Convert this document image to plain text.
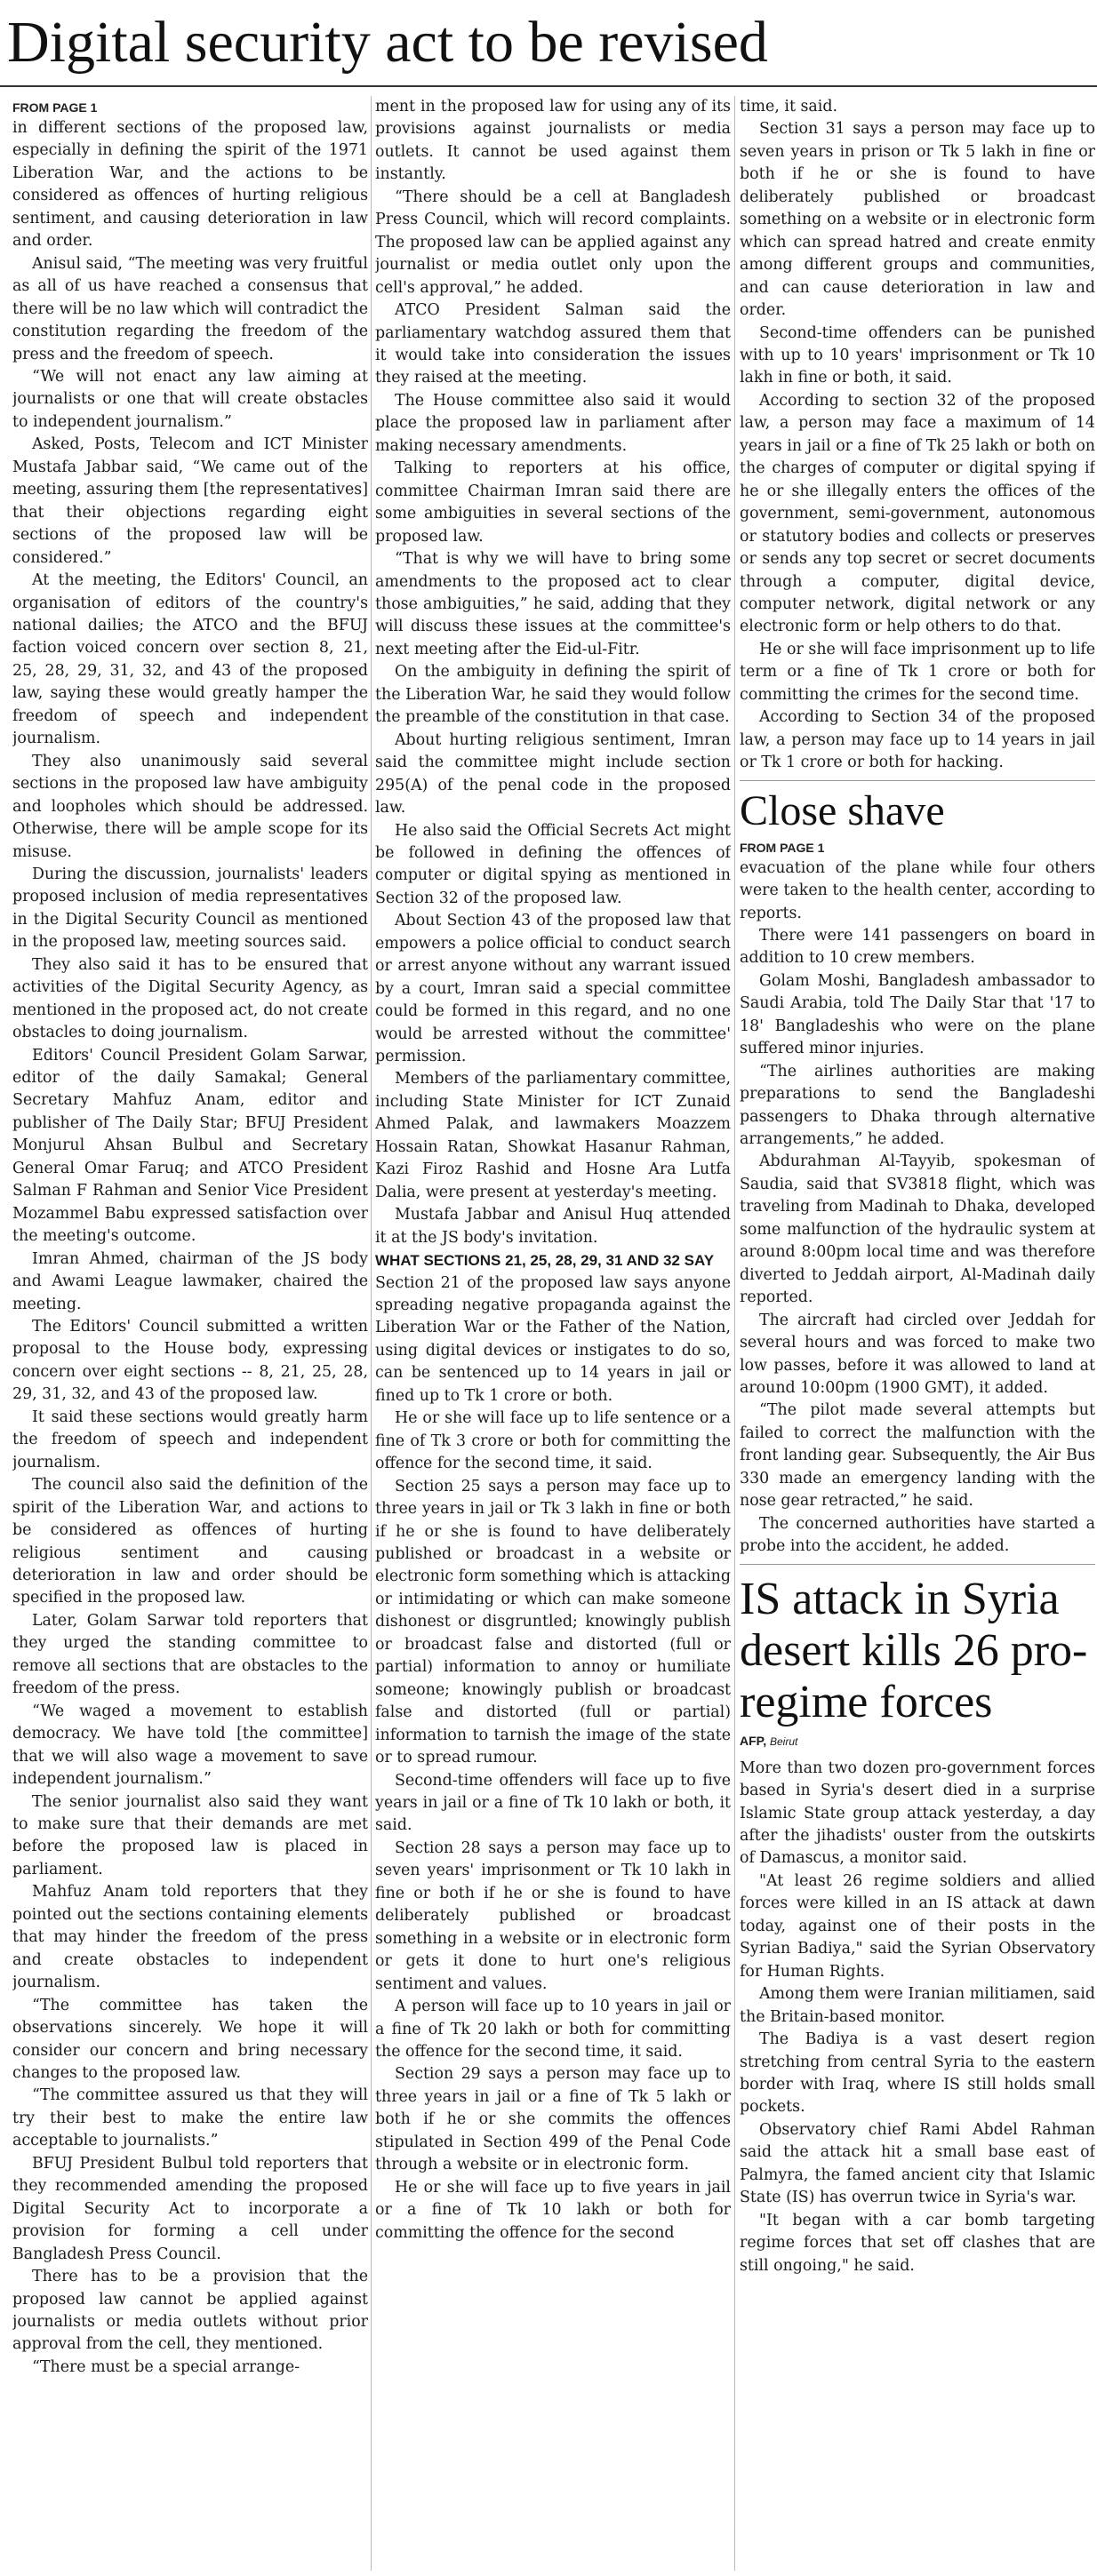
Digital security act to be revised
FROM PAGE 1

in different sections of the proposed law, especially in defining the spirit of the 1971 Liberation War, and the actions to be considered as offences of hurting religious sentiment, and causing deterioration in law and order.

Anisul said, “The meeting was very fruitful as all of us have reached a consensus that there will be no law which will contradict the constitution regarding the freedom of the press and the freedom of speech.

“We will not enact any law aiming at journalists or one that will create obstacles to independent journalism.”

Asked, Posts, Telecom and ICT Minister Mustafa Jabbar said, “We came out of the meeting, assuring them [the representatives] that their objections regarding eight sections of the proposed law will be considered.”

At the meeting, the Editors' Council, an organisation of editors of the country's national dailies; the ATCO and the BFUJ faction voiced concern over section 8, 21, 25, 28, 29, 31, 32, and 43 of the proposed law, saying these would greatly hamper the freedom of speech and independent journalism.

They also unanimously said several sections in the proposed law have ambiguity and loopholes which should be addressed. Otherwise, there will be ample scope for its misuse.

During the discussion, journalists' leaders proposed inclusion of media representatives in the Digital Security Council as mentioned in the proposed law, meeting sources said.

They also said it has to be ensured that activities of the Digital Security Agency, as mentioned in the proposed act, do not create obstacles to doing journalism.

Editors' Council President Golam Sarwar, editor of the daily Samakal; General Secretary Mahfuz Anam, editor and publisher of The Daily Star; BFUJ President Monjurul Ahsan Bulbul and Secretary General Omar Faruq; and ATCO President Salman F Rahman and Senior Vice President Mozammel Babu expressed satisfaction over the meeting's outcome.

Imran Ahmed, chairman of the JS body and Awami League lawmaker, chaired the meeting.

The Editors' Council submitted a written proposal to the House body, expressing concern over eight sections -- 8, 21, 25, 28, 29, 31, 32, and 43 of the proposed law.

It said these sections would greatly harm the freedom of speech and independent journalism.

The council also said the definition of the spirit of the Liberation War, and actions to be considered as offences of hurting religious sentiment and causing deterioration in law and order should be specified in the proposed law.

Later, Golam Sarwar told reporters that they urged the standing committee to remove all sections that are obstacles to the freedom of the press.

“We waged a movement to establish democracy. We have told [the committee] that we will also wage a movement to save independent journalism.”

The senior journalist also said they want to make sure that their demands are met before the proposed law is placed in parliament.

Mahfuz Anam told reporters that they pointed out the sections containing elements that may hinder the freedom of the press and create obstacles to independent journalism.

“The committee has taken the observations sincerely. We hope it will consider our concern and bring necessary changes to the proposed law.

“The committee assured us that they will try their best to make the entire law acceptable to journalists.”

BFUJ President Bulbul told reporters that they recommended amending the proposed Digital Security Act to incorporate a provision for forming a cell under Bangladesh Press Council.

There has to be a provision that the proposed law cannot be applied against journalists or media outlets without prior approval from the cell, they mentioned.

“There must be a special arrange-

ment in the proposed law for using any of its provisions against journalists or media outlets. It cannot be used against them instantly.

“There should be a cell at Bangladesh Press Council, which will record complaints. The proposed law can be applied against any journalist or media outlet only upon the cell's approval,” he added.

ATCO President Salman said the parliamentary watchdog assured them that it would take into consideration the issues they raised at the meeting.

The House committee also said it would place the proposed law in parliament after making necessary amendments.

Talking to reporters at his office, committee Chairman Imran said there are some ambiguities in several sections of the proposed law.

“That is why we will have to bring some amendments to the proposed act to clear those ambiguities,” he said, adding that they will discuss these issues at the committee's next meeting after the Eid-ul-Fitr.

On the ambiguity in defining the spirit of the Liberation War, he said they would follow the preamble of the constitution in that case.

About hurting religious sentiment, Imran said the committee might include section 295(A) of the penal code in the proposed law.

He also said the Official Secrets Act might be followed in defining the offences of computer or digital spying as mentioned in Section 32 of the proposed law.

About Section 43 of the proposed law that empowers a police official to conduct search or arrest anyone without any warrant issued by a court, Imran said a special committee could be formed in this regard, and no one would be arrested without the committee' permission.

Members of the parliamentary committee, including State Minister for ICT Zunaid Ahmed Palak, and lawmakers Moazzem Hossain Ratan, Showkat Hasanur Rahman, Kazi Firoz Rashid and Hosne Ara Lutfa Dalia, were present at yesterday's meeting.

Mustafa Jabbar and Anisul Huq attended it at the JS body's invitation.

WHAT SECTIONS 21, 25, 28, 29, 31 AND 32 SAY

Section 21 of the proposed law says anyone spreading negative propaganda against the Liberation War or the Father of the Nation, using digital devices or instigates to do so, can be sentenced up to 14 years in jail or fined up to Tk 1 crore or both.

He or she will face up to life sentence or a fine of Tk 3 crore or both for committing the offence for the second time, it said.

Section 25 says a person may face up to three years in jail or Tk 3 lakh in fine or both if he or she is found to have deliberately published or broadcast in a website or electronic form something which is attacking or intimidating or which can make someone dishonest or disgruntled; knowingly publish or broadcast false and distorted (full or partial) information to annoy or humiliate someone; knowingly publish or broadcast false and distorted (full or partial) information to tarnish the image of the state or to spread rumour.

Second-time offenders will face up to five years in jail or a fine of Tk 10 lakh or both, it said.

Section 28 says a person may face up to seven years' imprisonment or Tk 10 lakh in fine or both if he or she is found to have deliberately published or broadcast something in a website or in electronic form or gets it done to hurt one's religious sentiment and values.

A person will face up to 10 years in jail or a fine of Tk 20 lakh or both for committing the offence for the second time, it said.

Section 29 says a person may face up to three years in jail or a fine of Tk 5 lakh or both if he or she commits the offences stipulated in Section 499 of the Penal Code through a website or in electronic form.

He or she will face up to five years in jail or a fine of Tk 10 lakh or both for committing the offence for the second

time, it said.

Section 31 says a person may face up to seven years in prison or Tk 5 lakh in fine or both if he or she is found to have deliberately published or broadcast something on a website or in electronic form which can spread hatred and create enmity among different groups and communities, and can cause deterioration in law and order.

Second-time offenders can be punished with up to 10 years' imprisonment or Tk 10 lakh in fine or both, it said.

According to section 32 of the proposed law, a person may face a maximum of 14 years in jail or a fine of Tk 25 lakh or both on the charges of computer or digital spying if he or she illegally enters the offices of the government, semi-government, autonomous or statutory bodies and collects or preserves or sends any top secret or secret documents through a computer, digital device, computer network, digital network or any electronic form or help others to do that.

He or she will face imprisonment up to life term or a fine of Tk 1 crore or both for committing the crimes for the second time.

According to Section 34 of the proposed law, a person may face up to 14 years in jail or Tk 1 crore or both for hacking.

Close shave
FROM PAGE 1

evacuation of the plane while four others were taken to the health center, according to reports.

There were 141 passengers on board in addition to 10 crew members.

Golam Moshi, Bangladesh ambassador to Saudi Arabia, told The Daily Star that '17 to 18' Bangladeshis who were on the plane suffered minor injuries.

“The airlines authorities are making preparations to send the Bangladeshi passengers to Dhaka through alternative arrangements,” he added.

Abdurahman Al-Tayyib, spokesman of Saudia, said that SV3818 flight, which was traveling from Madinah to Dhaka, developed some malfunction of the hydraulic system at around 8:00pm local time and was therefore diverted to Jeddah airport, Al-Madinah daily reported.

The aircraft had circled over Jeddah for several hours and was forced to make two low passes, before it was allowed to land at around 10:00pm (1900 GMT), it added.

“The pilot made several attempts but failed to correct the malfunction with the front landing gear. Subsequently, the Air Bus 330 made an emergency landing with the nose gear retracted,” he said.

The concerned authorities have started a probe into the accident, he added.

IS attack in Syria desert kills 26 pro-regime forces
AFP, Beirut

More than two dozen pro-government forces based in Syria's desert died in a surprise Islamic State group attack yesterday, a day after the jihadists' ouster from the outskirts of Damascus, a monitor said.

"At least 26 regime soldiers and allied forces were killed in an IS attack at dawn today, against one of their posts in the Syrian Badiya," said the Syrian Observatory for Human Rights.

Among them were Iranian militiamen, said the Britain-based monitor.

The Badiya is a vast desert region stretching from central Syria to the eastern border with Iraq, where IS still holds small pockets.

Observatory chief Rami Abdel Rahman said the attack hit a small base east of Palmyra, the famed ancient city that Islamic State (IS) has overrun twice in Syria's war.

"It began with a car bomb targeting regime forces that set off clashes that are still ongoing," he said.
